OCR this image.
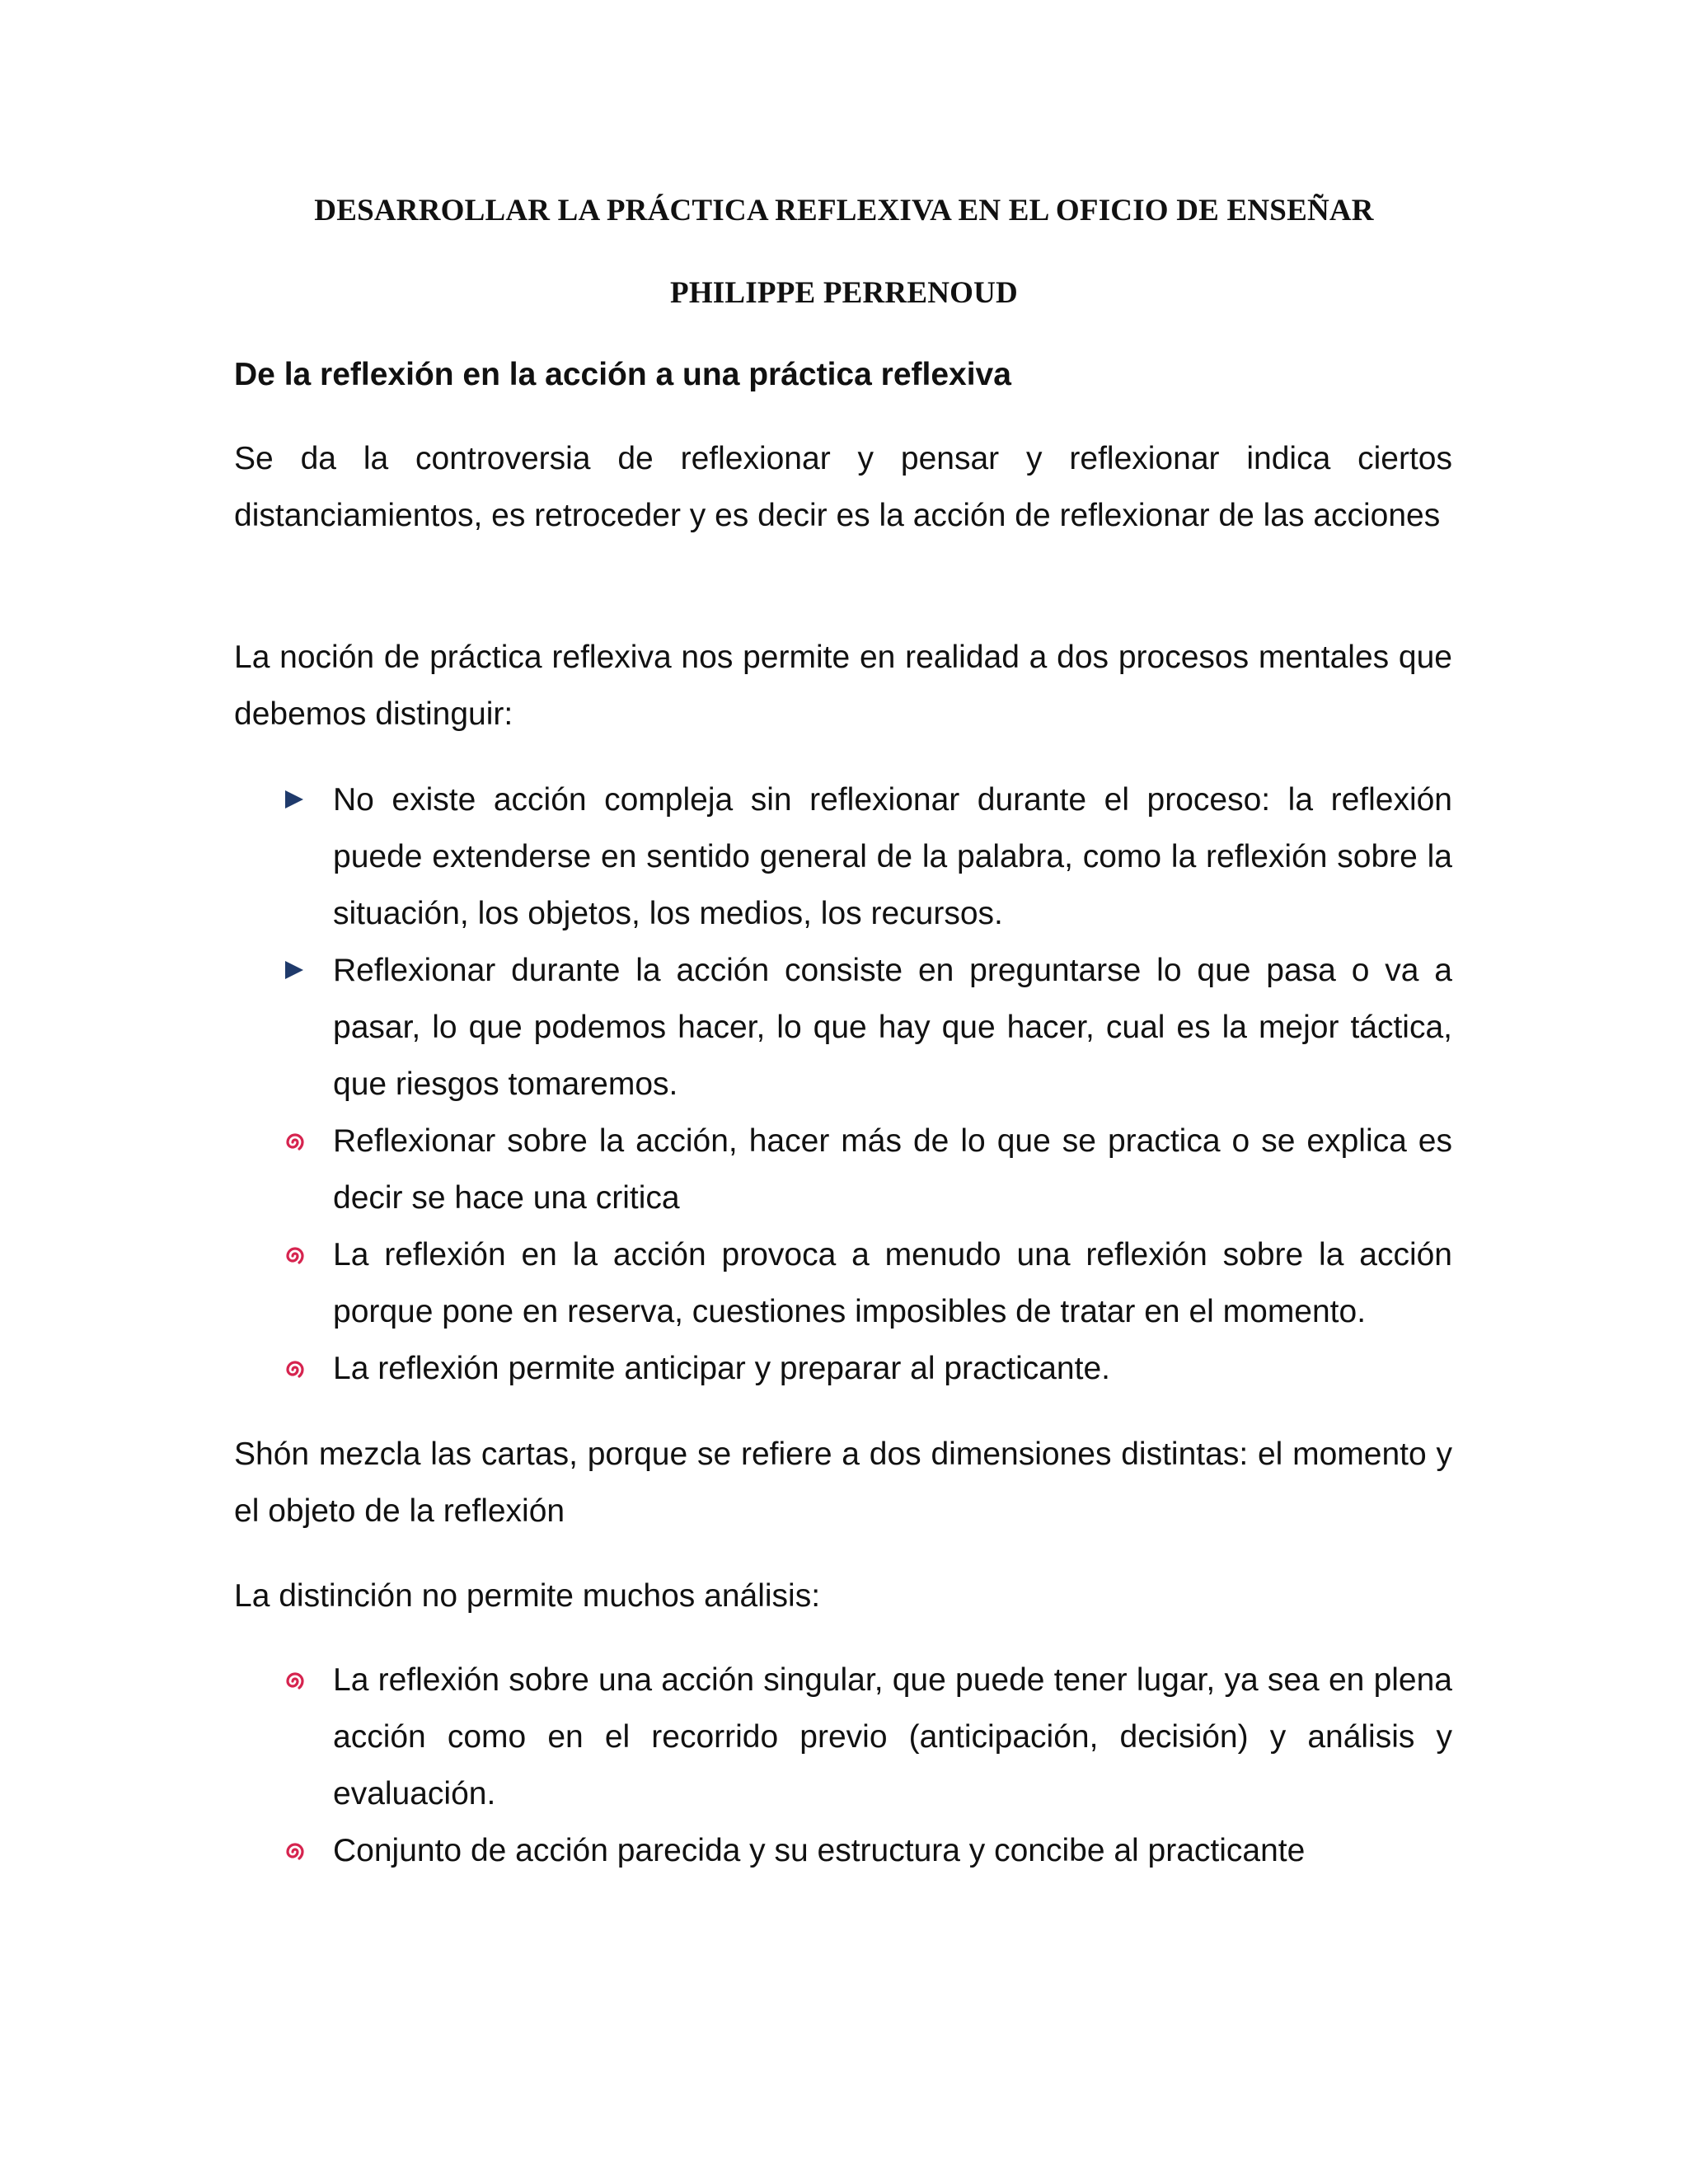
DESARROLLAR LA PRÁCTICA REFLEXIVA EN EL OFICIO DE ENSEÑAR
PHILIPPE PERRENOUD
De la reflexión en la acción a una práctica reflexiva
Se da la controversia de reflexionar y pensar y reflexionar indica ciertos distanciamientos, es retroceder y es decir es la acción de reflexionar de las acciones
La noción de práctica reflexiva nos permite en realidad a dos procesos mentales que debemos distinguir:
No existe acción compleja sin reflexionar durante el proceso: la reflexión puede extenderse en sentido general de la palabra, como la reflexión sobre la situación, los objetos, los medios, los recursos.
Reflexionar durante la acción consiste en preguntarse lo que pasa o va a pasar, lo que podemos hacer, lo que hay que hacer, cual es la mejor táctica, que riesgos tomaremos.
Reflexionar sobre la acción, hacer más de lo que se practica o se explica es decir se hace una critica
La reflexión en la acción provoca a menudo una reflexión sobre la acción porque pone en reserva, cuestiones imposibles de tratar en el momento.
La reflexión permite anticipar y preparar al practicante.
Shón mezcla las cartas, porque se refiere a dos dimensiones distintas: el momento y el objeto de la reflexión
La distinción no permite muchos análisis:
La reflexión sobre una acción singular, que puede tener lugar, ya sea en plena acción como en el recorrido previo (anticipación, decisión) y análisis y evaluación.
Conjunto de acción parecida y su estructura y concibe al practicante
